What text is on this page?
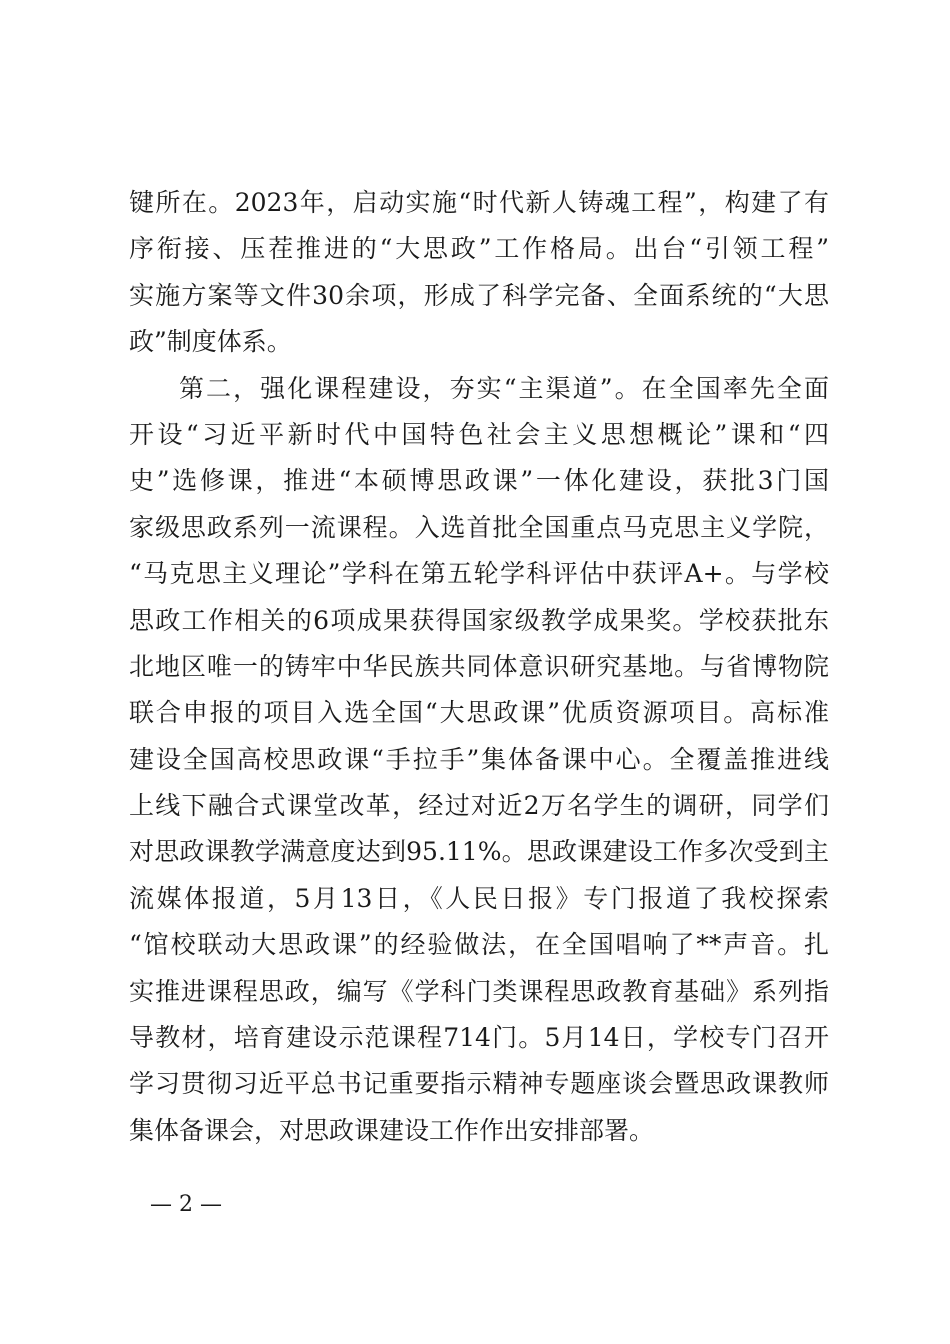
键所在。2023年，启动实施“时代新人铸魂工程”，构建了有
序衔接、压茬推进的“大思政”工作格局。出台“引领工程”
实施方案等文件30余项，形成了科学完备、全面系统的“大思
政”制度体系。
第二，强化课程建设，夯实“主渠道”。在全国率先全面
开设“习近平新时代中国特色社会主义思想概论”课和“四
史”选修课，推进“本硕博思政课”一体化建设，获批3门国
家级思政系列一流课程。入选首批全国重点马克思主义学院，
“马克思主义理论”学科在第五轮学科评估中获评A+。与学校
思政工作相关的6项成果获得国家级教学成果奖。学校获批东
北地区唯一的铸牢中华民族共同体意识研究基地。与省博物院
联合申报的项目入选全国“大思政课”优质资源项目。高标准
建设全国高校思政课“手拉手”集体备课中心。全覆盖推进线
上线下融合式课堂改革，经过对近2万名学生的调研，同学们
对思政课教学满意度达到95.11%。思政课建设工作多次受到主
流媒体报道，5月13日，《人民日报》专门报道了我校探索
“馆校联动大思政课”的经验做法，在全国唱响了**声音。扎
实推进课程思政，编写《学科门类课程思政教育基础》系列指
导教材，培育建设示范课程714门。5月14日，学校专门召开
学习贯彻习近平总书记重要指示精神专题座谈会暨思政课教师
集体备课会，对思政课建设工作作出安排部署。
— 2 —
